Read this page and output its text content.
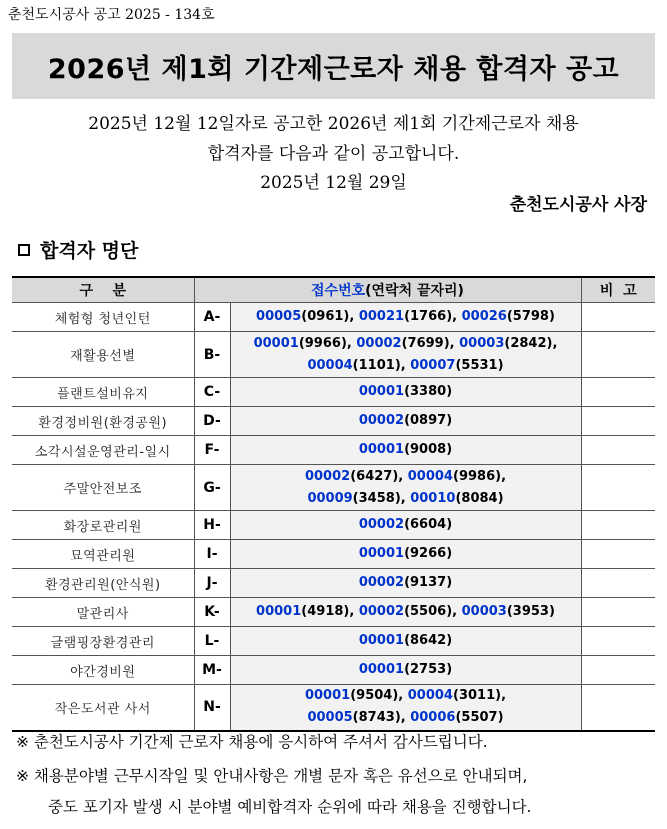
춘천도시공사 공고 2025 - 134호
2026년 제1회 기간제근로자 채용 합격자 공고
2025년 12월 12일자로 공고한 2026년 제1회 기간제근로자 채용
합격자를 다음과 같이 공고합니다.
2025년 12월 29일
춘천도시공사 사장
합격자 명단
구    분	접수번호(연락처 끝자리)		비  고
체험형 청년인턴	A-	00005(0961), 00021(1766), 00026(5798)	

재활용선별	B-	00001(9966), 00002(7699), 00003(2842),
00004(1101), 00007(5531)	

플랜트설비유지	C-	00001(3380)	

환경정비원(환경공원)	D-	00002(0897)	

소각시설운영관리-일시	F-	00001(9008)	

주말안전보조	G-	00002(6427), 00004(9986),
00009(3458), 00010(8084)	

화장로관리원	H-	00002(6604)	

묘역관리원	I-	00001(9266)	

환경관리원(안식원)	J-	00002(9137)	

말관리사	K-	00001(4918), 00002(5506), 00003(3953)	

글램핑장환경관리	L-	00001(8642)	

야간경비원	M-	00001(2753)	

작은도서관 사서	N-	00001(9504), 00004(3011),
00005(8743), 00006(5507)	

※ 춘천도시공사 기간제 근로자 채용에 응시하여 주셔서 감사드립니다.
※ 채용분야별 근무시작일 및 안내사항은 개별 문자 혹은 유선으로 안내되며,
중도 포기자 발생 시 분야별 예비합격자 순위에 따라 채용을 진행합니다.
